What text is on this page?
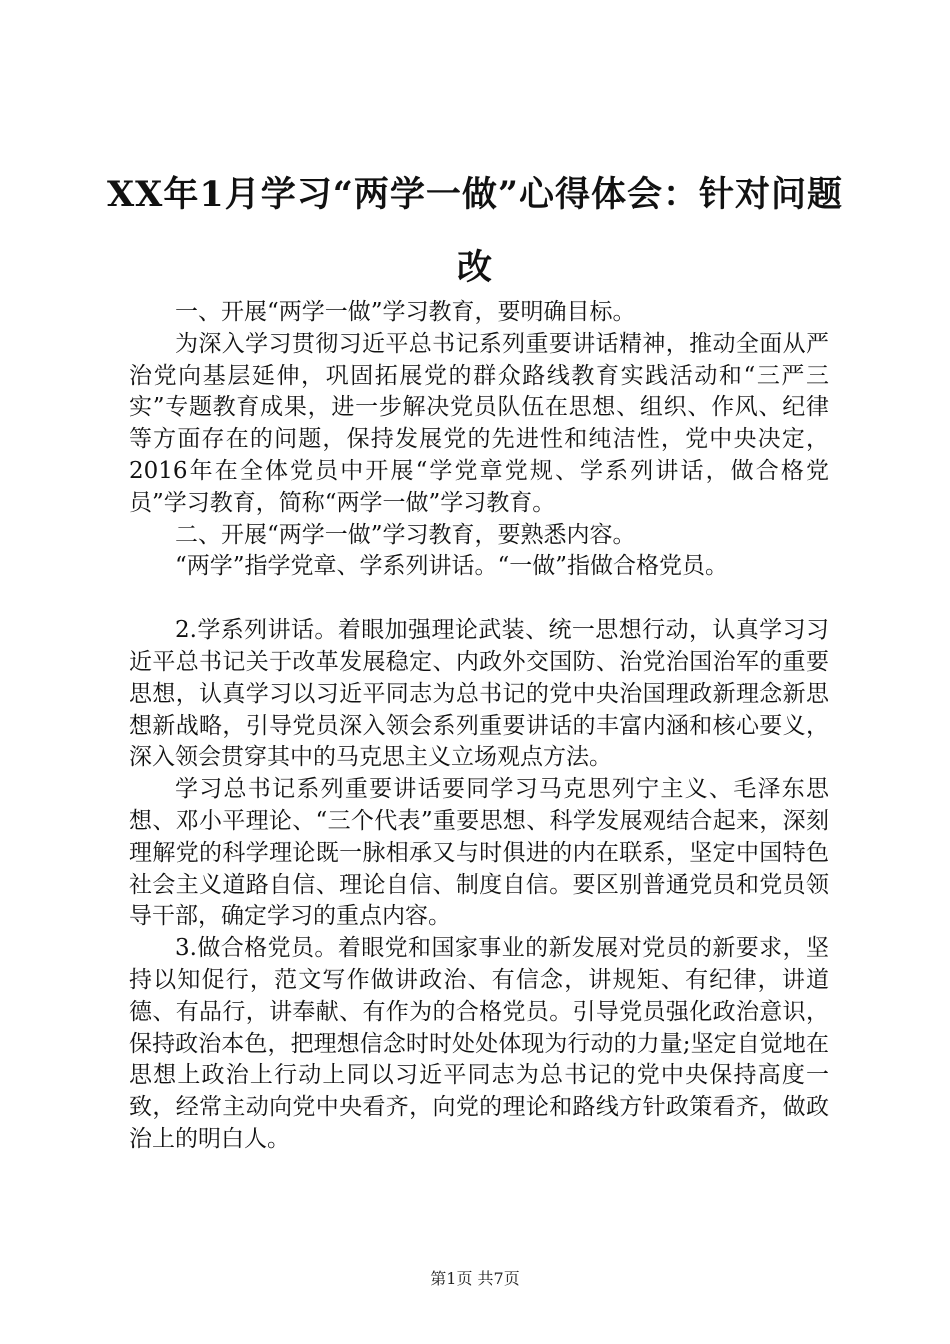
XX年1月学习“两学一做”心得体会：针对问题改

一、开展“两学一做”学习教育，要明确目标。

为深入学习贯彻习近平总书记系列重要讲话精神，推动全面从严治党向基层延伸，巩固拓展党的群众路线教育实践活动和“三严三实”专题教育成果，进一步解决党员队伍在思想、组织、作风、纪律等方面存在的问题，保持发展党的先进性和纯洁性，党中央决定，2016年在全体党员中开展“学党章党规、学系列讲话，做合格党员”学习教育，简称“两学一做”学习教育。

二、开展“两学一做”学习教育，要熟悉内容。

“两学”指学党章、学系列讲话。“一做”指做合格党员。

2.学系列讲话。着眼加强理论武装、统一思想行动，认真学习习近平总书记关于改革发展稳定、内政外交国防、治党治国治军的重要思想，认真学习以习近平同志为总书记的党中央治国理政新理念新思想新战略，引导党员深入领会系列重要讲话的丰富内涵和核心要义，深入领会贯穿其中的马克思主义立场观点方法。

学习总书记系列重要讲话要同学习马克思列宁主义、毛泽东思想、邓小平理论、“三个代表”重要思想、科学发展观结合起来，深刻理解党的科学理论既一脉相承又与时俱进的内在联系，坚定中国特色社会主义道路自信、理论自信、制度自信。要区别普通党员和党员领导干部，确定学习的重点内容。

3.做合格党员。着眼党和国家事业的新发展对党员的新要求，坚持以知促行，范文写作做讲政治、有信念，讲规矩、有纪律，讲道德、有品行，讲奉献、有作为的合格党员。引导党员强化政治意识，保持政治本色，把理想信念时时处处体现为行动的力量;坚定自觉地在思想上政治上行动上同以习近平同志为总书记的党中央保持高度一致，经常主动向党中央看齐，向党的理论和路线方针政策看齐，做政治上的明白人。

第1页 共7页
